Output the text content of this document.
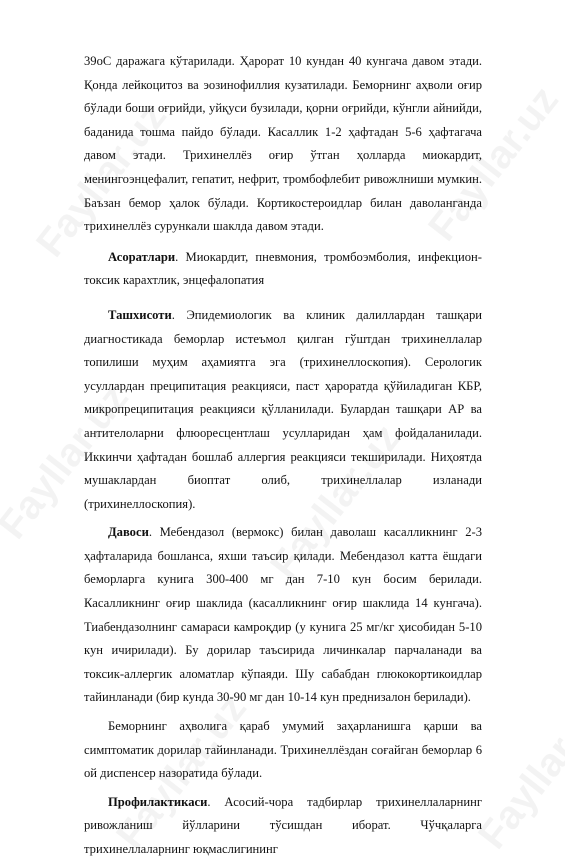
39оС даражага кўтарилади. Ҳарорат 10 кундан 40 кунгача давом этади. Қонда лейкоцитоз ва эозинофиллия кузатилади. Беморнинг аҳволи оғир бўлади боши оғрийди, уйқуси бузилади, қорни оғрийди, кўнгли айнийди, баданида тошма пайдо бўлади. Касаллик 1-2 ҳафтадан 5-6 ҳафтагача давом этади. Трихинеллёз оғир ўтган ҳолларда миокардит, менингоэнцефалит, гепатит, нефрит, тромбофлебит ривожлниши мумкин. Баъзан бемор ҳалок бўлади. Кортикостероидлар билан даволанганда трихинеллёз сурункали шаклда давом этади.

Асоратлари. Миокардит, пневмония, тромбоэмболия, инфекцион-токсик карахтлик, энцефалопатия

Ташхисоти. Эпидемиологик ва клиник далиллардан ташқари диагностикада беморлар истеъмол қилган гўштдан трихинеллалар топилиши муҳим аҳамиятга эга (трихинеллоскопия). Серологик усуллардан преципитация реакцияси, паст ҳароратда қўйиладиган КБР, микропреципитация реакцияси қўлланилади. Булардан ташқари АР ва антителоларни флюоресцентлаш усулларидан ҳам фойдаланилади. Иккинчи ҳафтадан бошлаб аллергия реакцияси текширилади. Ниҳоятда мушаклардан биоптат олиб, трихинеллалар изланади (трихинеллоскопия).

Давоси. Мебендазол (вермокс) билан даволаш касалликнинг 2-3 ҳафталарида бошланса, яхши таъсир қилади. Мебендазол катта ёшдаги беморларга кунига 300-400 мг дан 7-10 кун босим берилади. Касалликнинг оғир шаклида (касалликнинг оғир шаклида 14 кунгача). Тиабендазолнинг самараси камроқдир (у кунига 25 мг/кг ҳисобидан 5-10 кун ичирилади). Бу дорилар таъсирида личинкалар парчаланади ва токсик-аллергик аломатлар кўпаяди. Шу сабабдан глюкокортикоидлар тайинланади (бир кунда 30-90 мг дан 10-14 кун преднизалон берилади).

Беморнинг аҳволига қараб умумий заҳарланишга қарши ва симптоматик дорилар тайинланади. Трихинеллёздан соғайган беморлар 6 ой диспенсер назоратида бўлади.

Профилактикаси. Асосий-чора тадбирлар трихинеллаларнинг ривожланиш йўлларини тўсишдан иборат. Чўчқаларга трихинеллаларнинг юқмаслигининг
